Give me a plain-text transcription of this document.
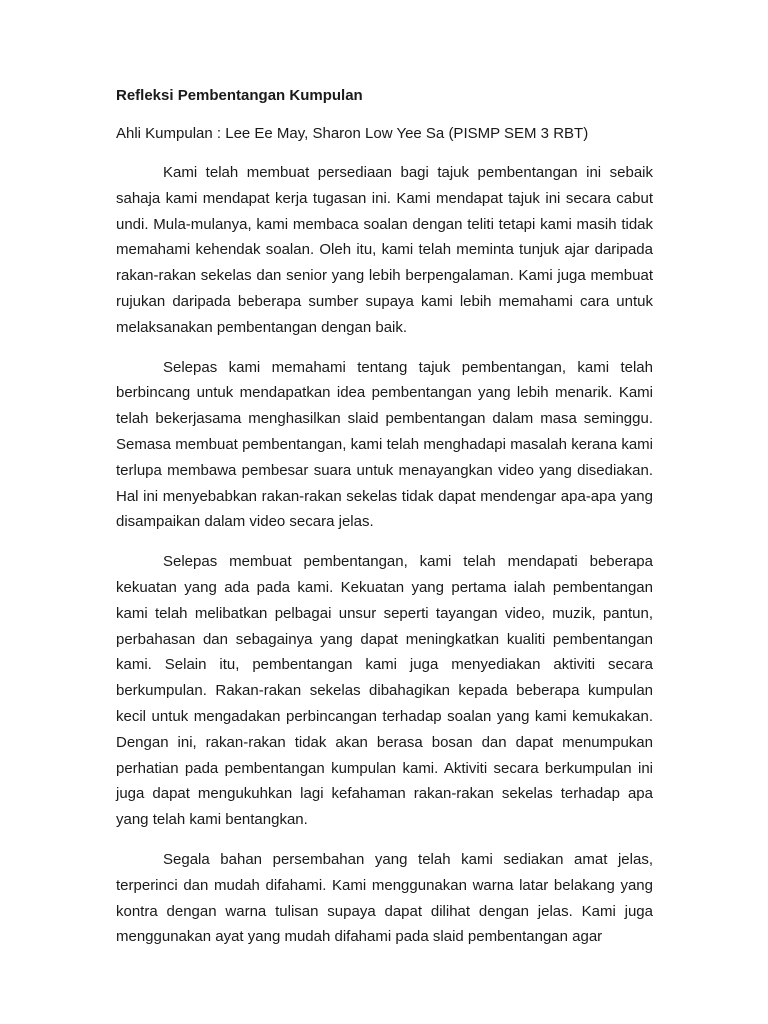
Refleksi Pembentangan Kumpulan
Ahli Kumpulan : Lee Ee May, Sharon Low Yee Sa (PISMP SEM 3 RBT)

Kami telah membuat persediaan bagi tajuk pembentangan ini sebaik sahaja kami mendapat kerja tugasan ini. Kami mendapat tajuk ini secara cabut undi. Mula-mulanya, kami membaca soalan dengan teliti tetapi kami masih tidak memahami kehendak soalan. Oleh itu, kami telah meminta tunjuk ajar daripada rakan-rakan sekelas dan senior yang lebih berpengalaman. Kami juga membuat rujukan daripada beberapa sumber supaya kami lebih memahami cara untuk melaksanakan pembentangan dengan baik.

Selepas kami memahami tentang tajuk pembentangan, kami telah berbincang untuk mendapatkan idea pembentangan yang lebih menarik. Kami telah bekerjasama menghasilkan slaid pembentangan dalam masa seminggu. Semasa membuat pembentangan, kami telah menghadapi masalah kerana kami terlupa membawa pembesar suara untuk menayangkan video yang disediakan. Hal ini menyebabkan rakan-rakan sekelas tidak dapat mendengar apa-apa yang disampaikan dalam video secara jelas.

Selepas membuat pembentangan, kami telah mendapati beberapa kekuatan yang ada pada kami. Kekuatan yang pertama ialah pembentangan kami telah melibatkan pelbagai unsur seperti tayangan video, muzik, pantun, perbahasan dan sebagainya yang dapat meningkatkan kualiti pembentangan kami. Selain itu, pembentangan kami juga menyediakan aktiviti secara berkumpulan. Rakan-rakan sekelas dibahagikan kepada beberapa kumpulan kecil untuk mengadakan perbincangan terhadap soalan yang kami kemukakan. Dengan ini, rakan-rakan tidak akan berasa bosan dan dapat menumpukan perhatian pada pembentangan kumpulan kami. Aktiviti secara berkumpulan ini juga dapat mengukuhkan lagi kefahaman rakan-rakan sekelas terhadap apa yang telah kami bentangkan.

Segala bahan persembahan yang telah kami sediakan amat jelas, terperinci dan mudah difahami. Kami menggunakan warna latar belakang yang kontra dengan warna tulisan supaya dapat dilihat dengan jelas. Kami juga menggunakan ayat yang mudah difahami pada slaid pembentangan agar
